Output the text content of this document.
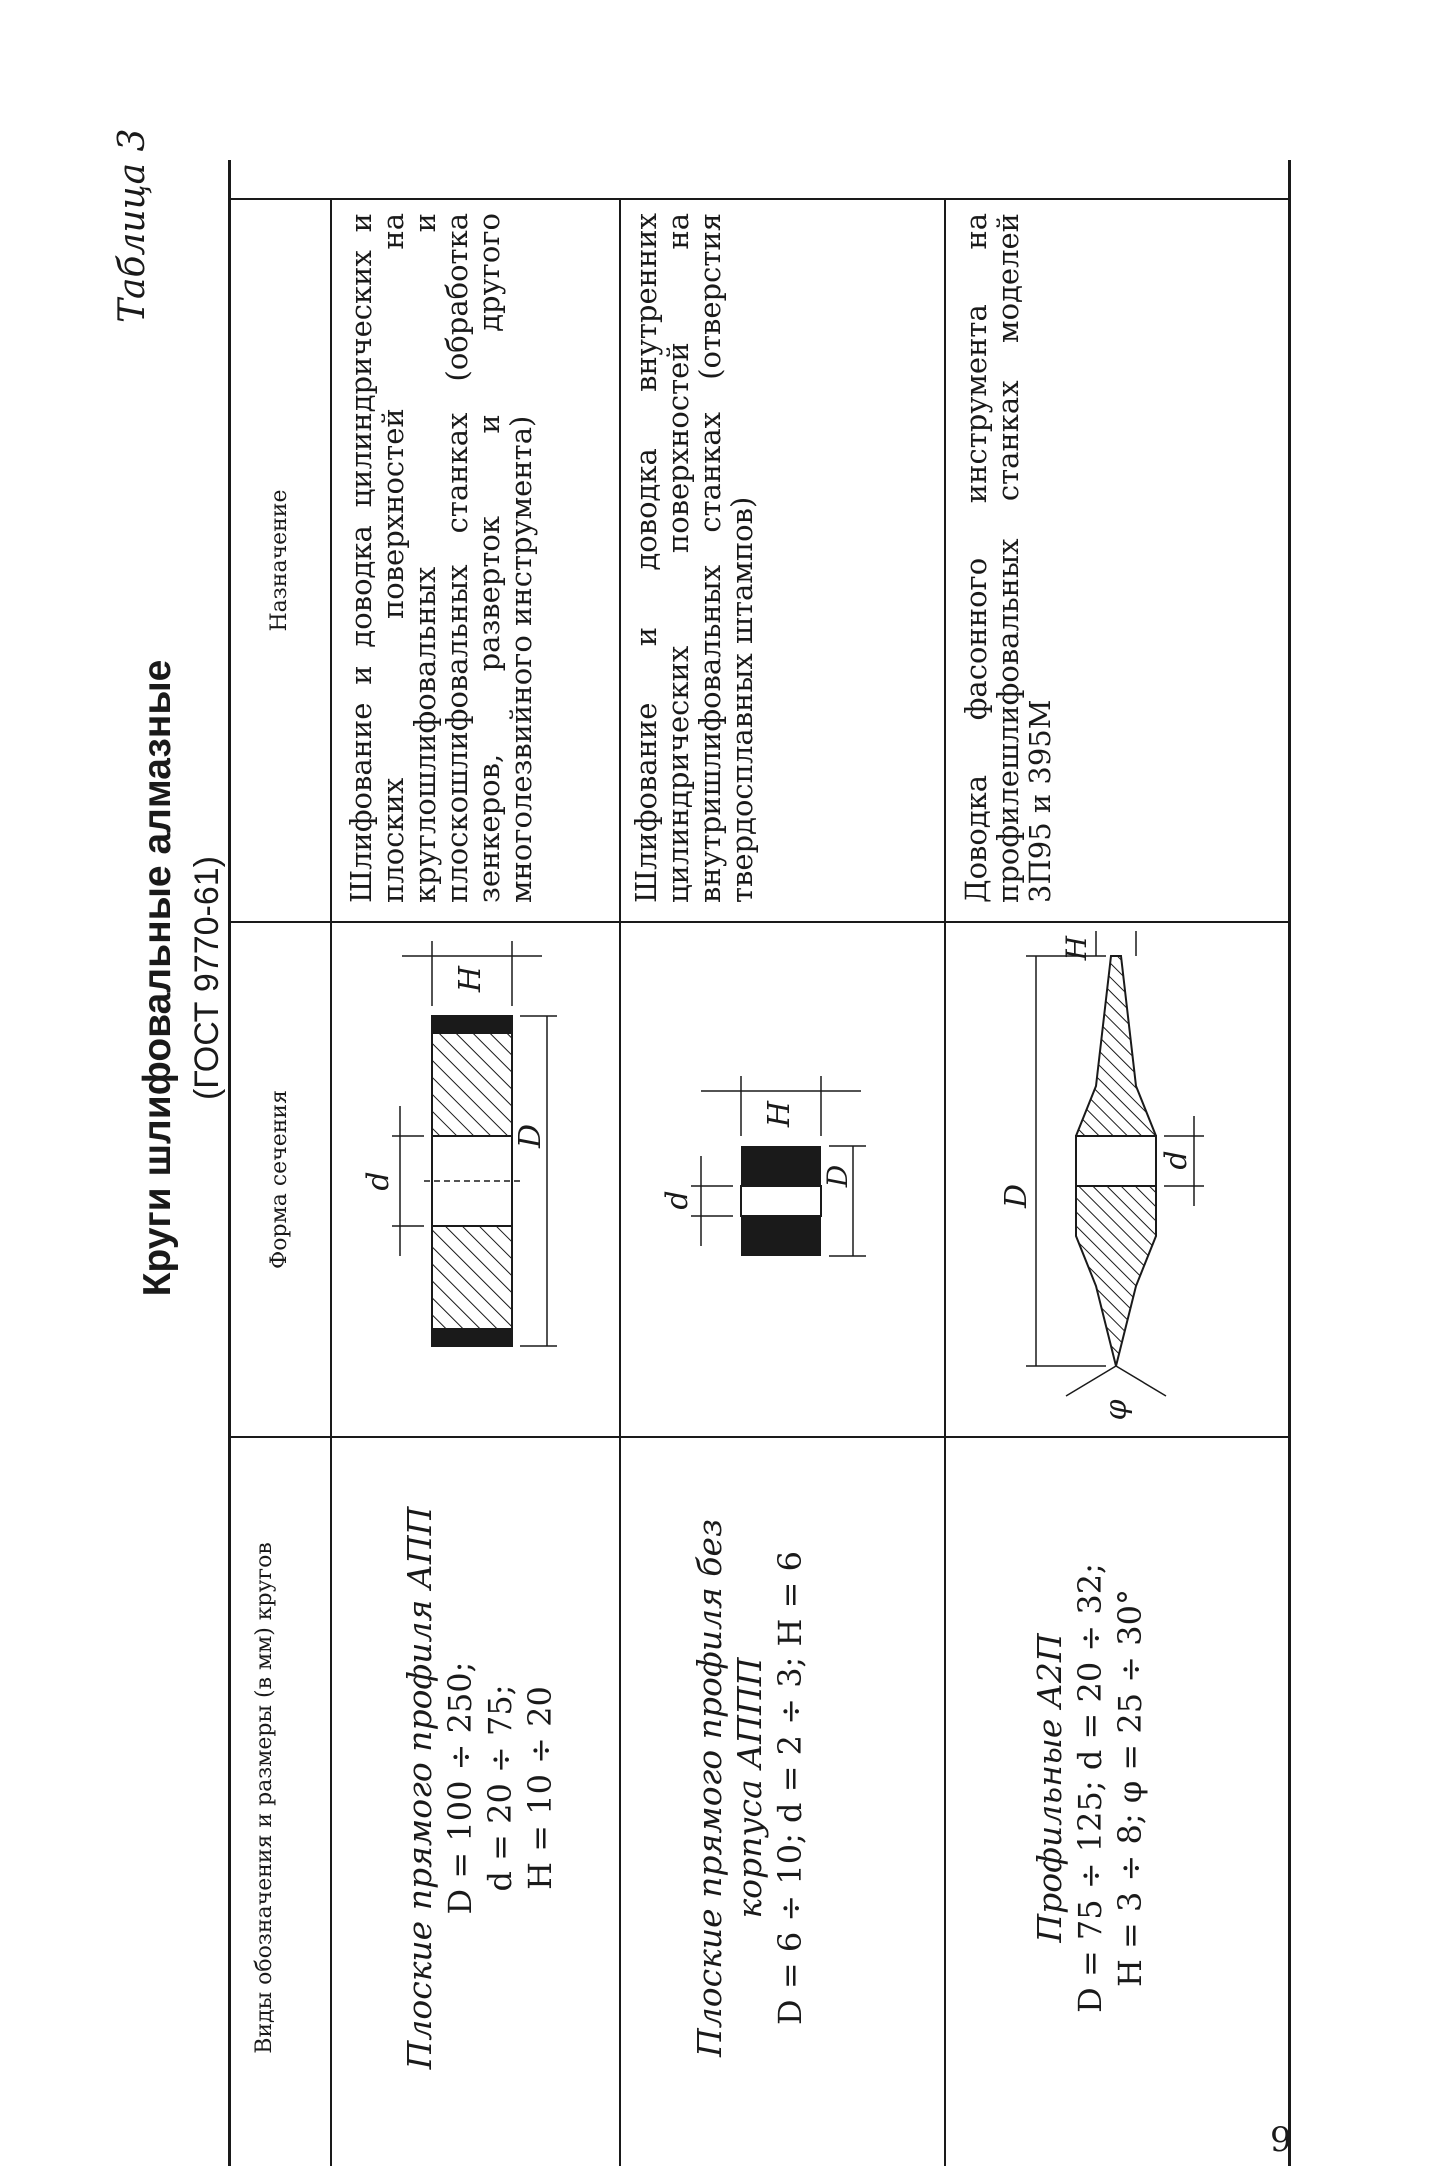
Таблица 3
Круги шлифовальные алмазные (ГОСТ 9770-61)
Виды обозначения и размеры (в мм) кругов
Форма сечения
Назначение
Плоские прямого профиля АПП D = 100 ÷ 250; d = 20 ÷ 75; H = 10 ÷ 20
d
D
H
Шлифование и доводка цилиндрических и плоских поверхностей на круглошлифовальных и плоскошлифовальных станках (обработка зенкеров, разверток и другого многолезвийного инструмента)
Плоские прямого профиля без корпуса АППП D = 6 ÷ 10; d = 2 ÷ 3; H = 6
d
D
H
Шлифование и доводка внутренних цилиндрических поверхностей на внутришлифовальных станках (отверстия твердосплавных штампов)
Профильные А2П D = 75 ÷ 125; d = 20 ÷ 32; H = 3 ÷ 8; φ = 25 ÷ 30°
φ
D
d
H
Доводка фасонного инструмента на профилешлифовальных станках моделей 3П95 и 395М
9
